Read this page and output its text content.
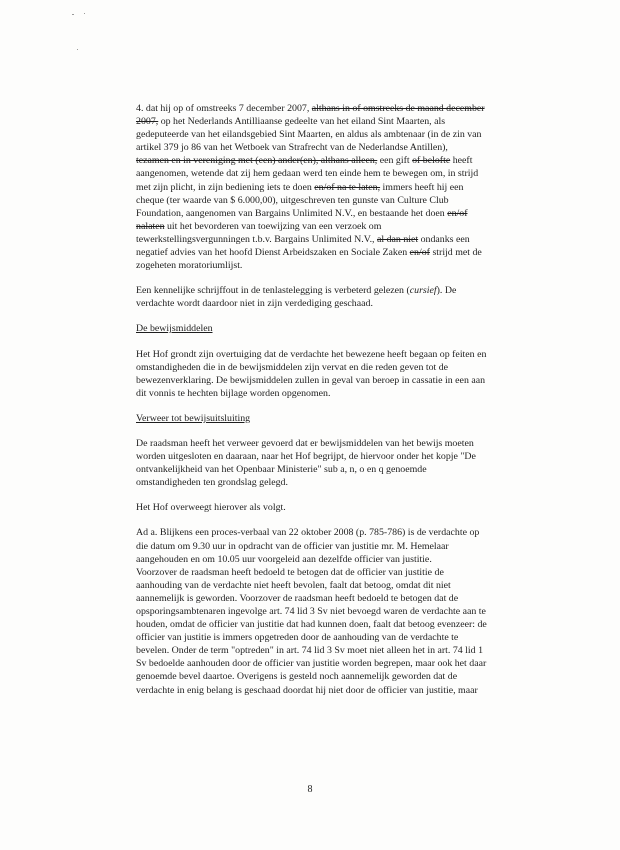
4. dat hij op of omstreeks 7 december 2007, althans in of omstreeks de maand december
2007, op het Nederlands Antilliaanse gedeelte van het eiland Sint Maarten, als
gedeputeerde van het eilandsgebied Sint Maarten, en aldus als ambtenaar (in de zin van
artikel 379 jo 86 van het Wetboek van Strafrecht van de Nederlandse Antillen),
tezamen en in vereniging met (een) ander(en), althans alleen, een gift of belofte heeft
aangenomen, wetende dat zij hem gedaan werd ten einde hem te bewegen om, in strijd
met zijn plicht, in zijn bediening iets te doen en/of na te laten, immers heeft hij een
cheque (ter waarde van $ 6.000,00), uitgeschreven ten gunste van Culture Club
Foundation, aangenomen van Bargains Unlimited N.V., en bestaande het doen en/of
nalaten uit het bevorderen van toewijzing van een verzoek om
tewerkstellingsvergunningen t.b.v. Bargains Unlimited N.V., al dan niet ondanks een
negatief advies van het hoofd Dienst Arbeidszaken en Sociale Zaken en/of strijd met de
zogeheten moratoriumlijst.
Een kennelijke schrijffout in de tenlastelegging is verbeterd gelezen (cursief). De
verdachte wordt daardoor niet in zijn verdediging geschaad.
De bewijsmiddelen
Het Hof grondt zijn overtuiging dat de verdachte het bewezene heeft begaan op feiten en
omstandigheden die in de bewijsmiddelen zijn vervat en die reden geven tot de
bewezenverklaring. De bewijsmiddelen zullen in geval van beroep in cassatie in een aan
dit vonnis te hechten bijlage worden opgenomen.
Verweer tot bewijsuitsluiting
De raadsman heeft het verweer gevoerd dat er bewijsmiddelen van het bewijs moeten
worden uitgesloten en daaraan, naar het Hof begrijpt, de hiervoor onder het kopje "De
ontvankelijkheid van het Openbaar Ministerie" sub a, n, o en q genoemde
omstandigheden ten grondslag gelegd.
Het Hof overweegt hierover als volgt.
Ad a. Blijkens een proces-verbaal van 22 oktober 2008 (p. 785-786) is de verdachte op
die datum om 9.30 uur in opdracht van de officier van justitie mr. M. Hemelaar
aangehouden en om 10.05 uur voorgeleid aan dezelfde officier van justitie.
Voorzover de raadsman heeft bedoeld te betogen dat de officier van justitie de
aanhouding van de verdachte niet heeft bevolen, faalt dat betoog, omdat dit niet
aannemelijk is geworden. Voorzover de raadsman heeft bedoeld te betogen dat de
opsporingsambtenaren ingevolge art. 74 lid 3 Sv niet bevoegd waren de verdachte aan te
houden, omdat de officier van justitie dat had kunnen doen, faalt dat betoog evenzeer: de
officier van justitie is immers opgetreden door de aanhouding van de verdachte te
bevelen. Onder de term "optreden" in art. 74 lid 3 Sv moet niet alleen het in art. 74 lid 1
Sv bedoelde aanhouden door de officier van justitie worden begrepen, maar ook het daar
genoemde bevel daartoe. Overigens is gesteld noch aannemelijk geworden dat de
verdachte in enig belang is geschaad doordat hij niet door de officier van justitie, maar
8
